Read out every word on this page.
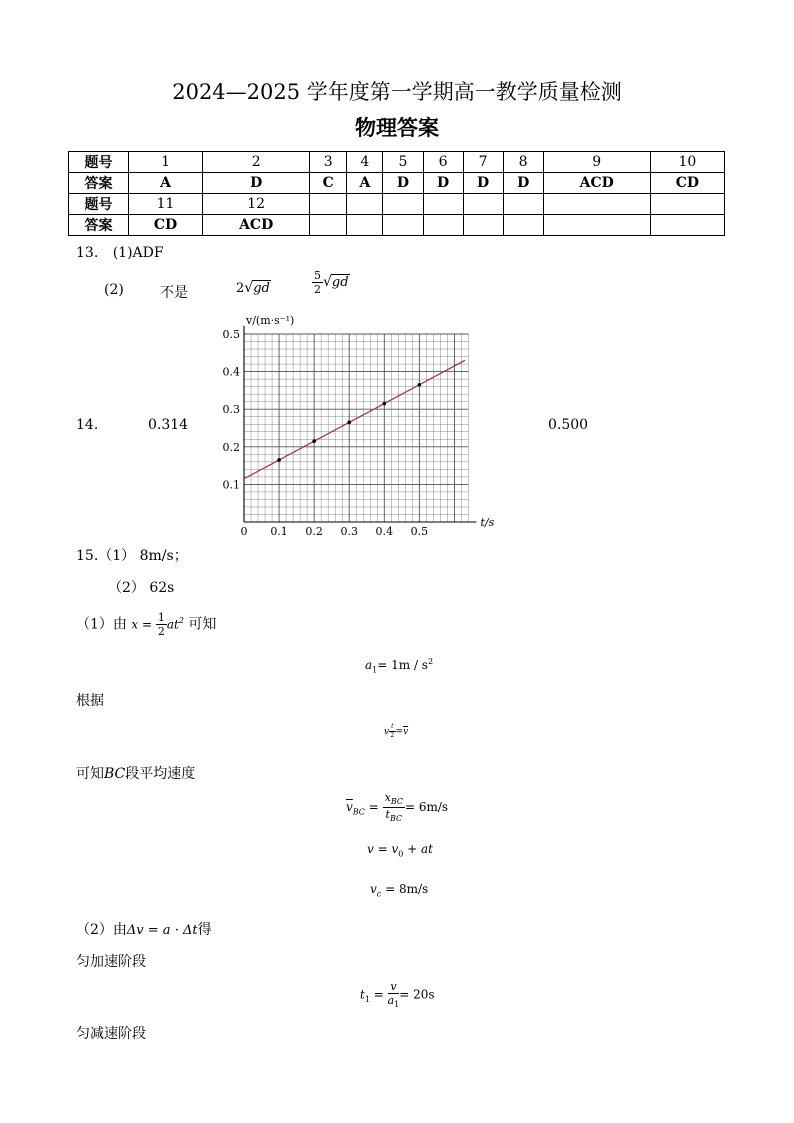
2024—2025 学年度第一学期高一教学质量检测
物理答案
题号	1	2	3	4	5	6	7	8	9	10
答案	A	D	C	A	D	D	D	D	ACD	CD
题号	11	12								
答案	CD	ACD								
13. (1)ADF
(2)	不是	2√gd	$\frac{5}{2} √gd$
14.	0.314	0.500
0 0.1 0.2 0.3 0.4 0.5
0.1
0.2
0.3
0.4
0.5
t/s
v/(m·s⁻¹)
15.（1） 8m/s；
（2） 62s
（1）由 $x = \frac{1}{2} at^2$ 可知
$a_1= 1m / s^2$
根据
v $\frac{t}{2} =\overline{v}$
可知BC段平均速度
$\overline{v}_{BC} = \frac{x_{BC}}{t_{BC}} = 6m/s$
$v = v_0$ + at
$v_c = 8m/s$
（2）由Δv = a · Δt得
匀加速阶段
$t_1 = \frac{v}{a_1} = 20s$
匀减速阶段
